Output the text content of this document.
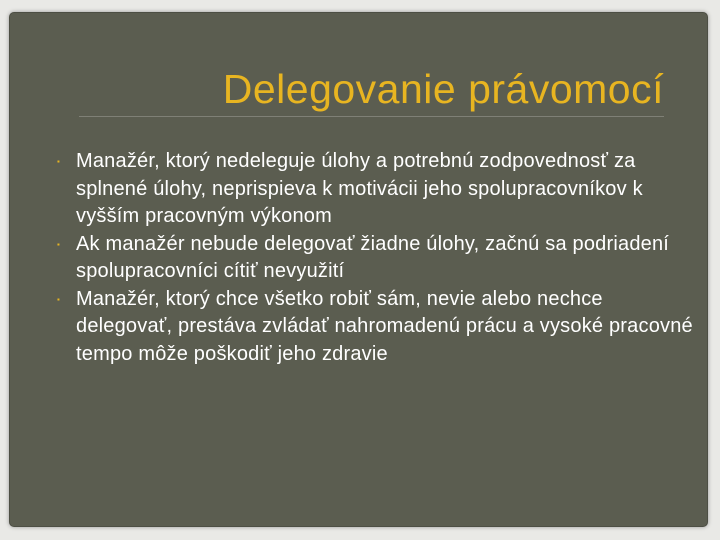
Delegovanie právomocí
▪ Manažér, ktorý nedeleguje úlohy a potrebnú zodpovednosť za splnené úlohy, neprispieva k motivácii jeho spolupracovníkov k vyšším pracovným výkonom
▪ Ak manažér nebude delegovať žiadne úlohy, začnú sa podriadení spolupracovníci cítiť nevyužití
▪ Manažér, ktorý chce všetko robiť sám, nevie alebo nechce delegovať, prestáva zvládať nahromadenú prácu a vysoké pracovné tempo môže poškodiť jeho zdravie
